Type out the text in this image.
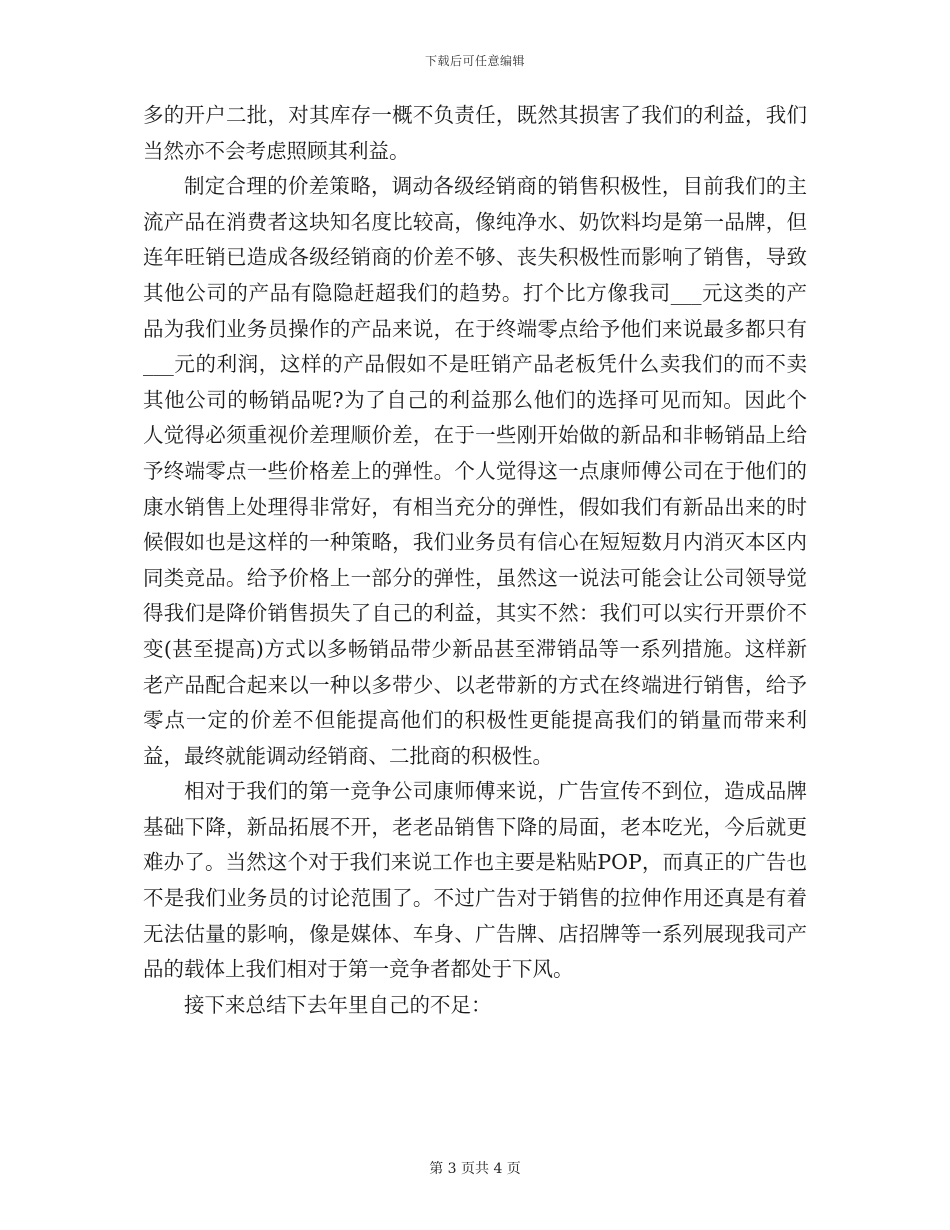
下载后可任意编辑

多的开户二批，对其库存一概不负责任，既然其损害了我们的利益，我们当然亦不会考虑照顾其利益。

制定合理的价差策略，调动各级经销商的销售积极性，目前我们的主流产品在消费者这块知名度比较高，像纯净水、奶饮料均是第一品牌，但连年旺销已造成各级经销商的价差不够、丧失积极性而影响了销售，导致其他公司的产品有隐隐赶超我们的趋势。打个比方像我司___元这类的产品为我们业务员操作的产品来说，在于终端零点给予他们来说最多都只有___元的利润，这样的产品假如不是旺销产品老板凭什么卖我们的而不卖其他公司的畅销品呢?为了自己的利益那么他们的选择可见而知。因此个人觉得必须重视价差理顺价差，在于一些刚开始做的新品和非畅销品上给予终端零点一些价格差上的弹性。个人觉得这一点康师傅公司在于他们的康水销售上处理得非常好，有相当充分的弹性，假如我们有新品出来的时候假如也是这样的一种策略，我们业务员有信心在短短数月内消灭本区内同类竞品。给予价格上一部分的弹性，虽然这一说法可能会让公司领导觉得我们是降价销售损失了自己的利益，其实不然：我们可以实行开票价不变(甚至提高)方式以多畅销品带少新品甚至滞销品等一系列措施。这样新老产品配合起来以一种以多带少、以老带新的方式在终端进行销售，给予零点一定的价差不但能提高他们的积极性更能提高我们的销量而带来利益，最终就能调动经销商、二批商的积极性。

相对于我们的第一竞争公司康师傅来说，广告宣传不到位，造成品牌基础下降，新品拓展不开，老老品销售下降的局面，老本吃光，今后就更难办了。当然这个对于我们来说工作也主要是粘贴POP，而真正的广告也不是我们业务员的讨论范围了。不过广告对于销售的拉伸作用还真是有着无法估量的影响，像是媒体、车身、广告牌、店招牌等一系列展现我司产品的载体上我们相对于第一竞争者都处于下风。

接下来总结下去年里自己的不足：

第 3 页共 4 页
